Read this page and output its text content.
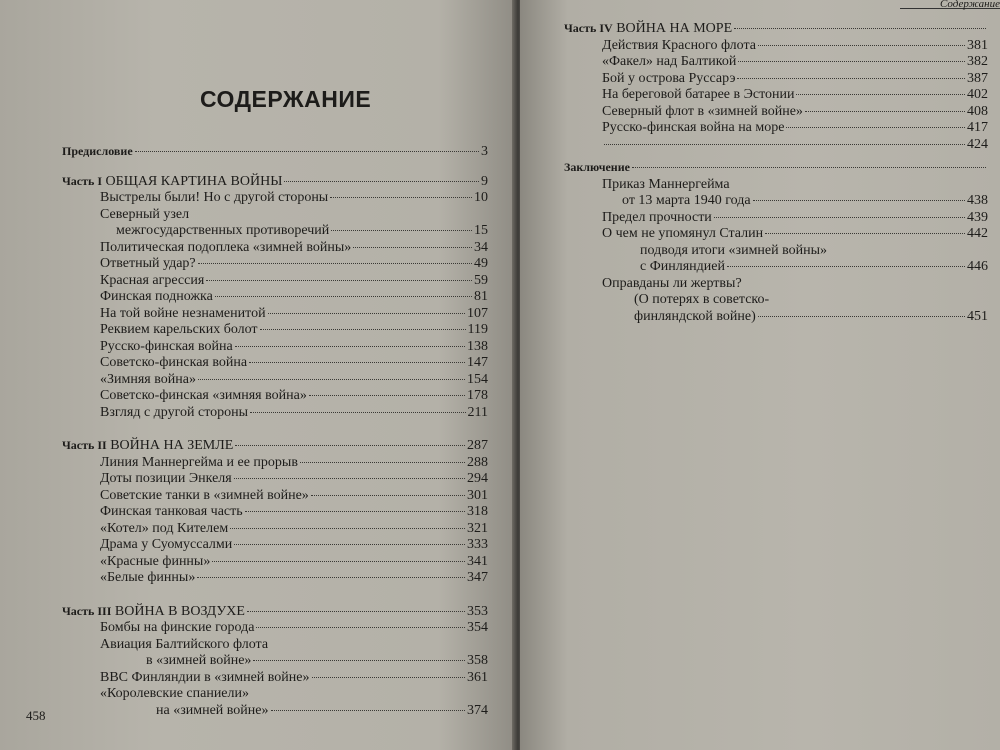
СОДЕРЖАНИЕ
Предисловие	3
Часть I ОБЩАЯ КАРТИНА ВОЙНЫ	9
Выстрелы были! Но с другой стороны	10
Северный узел
межгосударственных противоречий	15
Политическая подоплека «зимней войны»	34
Ответный удар?	49
Красная агрессия	59
Финская подножка	81
На той войне незнаменитой	107
Реквием карельских болот	119
Русско-финская война	138
Советско-финская война	147
«Зимняя война»	154
Советско-финская «зимняя война»	178
Взгляд с другой стороны	211
Часть II ВОЙНА НА ЗЕМЛЕ	287
Линия Маннергейма и ее прорыв	288
Доты позиции Энкеля	294
Советские танки в «зимней войне»	301
Финская танковая часть	318
«Котел» под Кителем	321
Драма у Суомуссалми	333
«Красные финны»	341
«Белые финны»	347
Часть III ВОЙНА В ВОЗДУХЕ	353
Бомбы на финские города	354
Авиация Балтийского флота
в «зимней войне»	358
ВВС Финляндии в «зимней войне»	361
«Королевские спаниели»
на «зимней войне»	374
458
Содержание
Часть IV ВОЙНА НА МОРЕ
Действия Красного флота	381
«Факел» над Балтикой	382
Бой у острова Руссарэ	387
На береговой батарее в Эстонии	402
Северный флот в «зимней войне»	408
Русско-финская война на море	417
424
Заключение
Приказ Маннергейма
от 13 марта 1940 года	438
Предел прочности	439
О чем не упомянул Сталин	442
подводя итоги «зимней войны»
с Финляндией	446
Оправданы ли жертвы?
(О потерях в советско-
финляндской войне)	451
